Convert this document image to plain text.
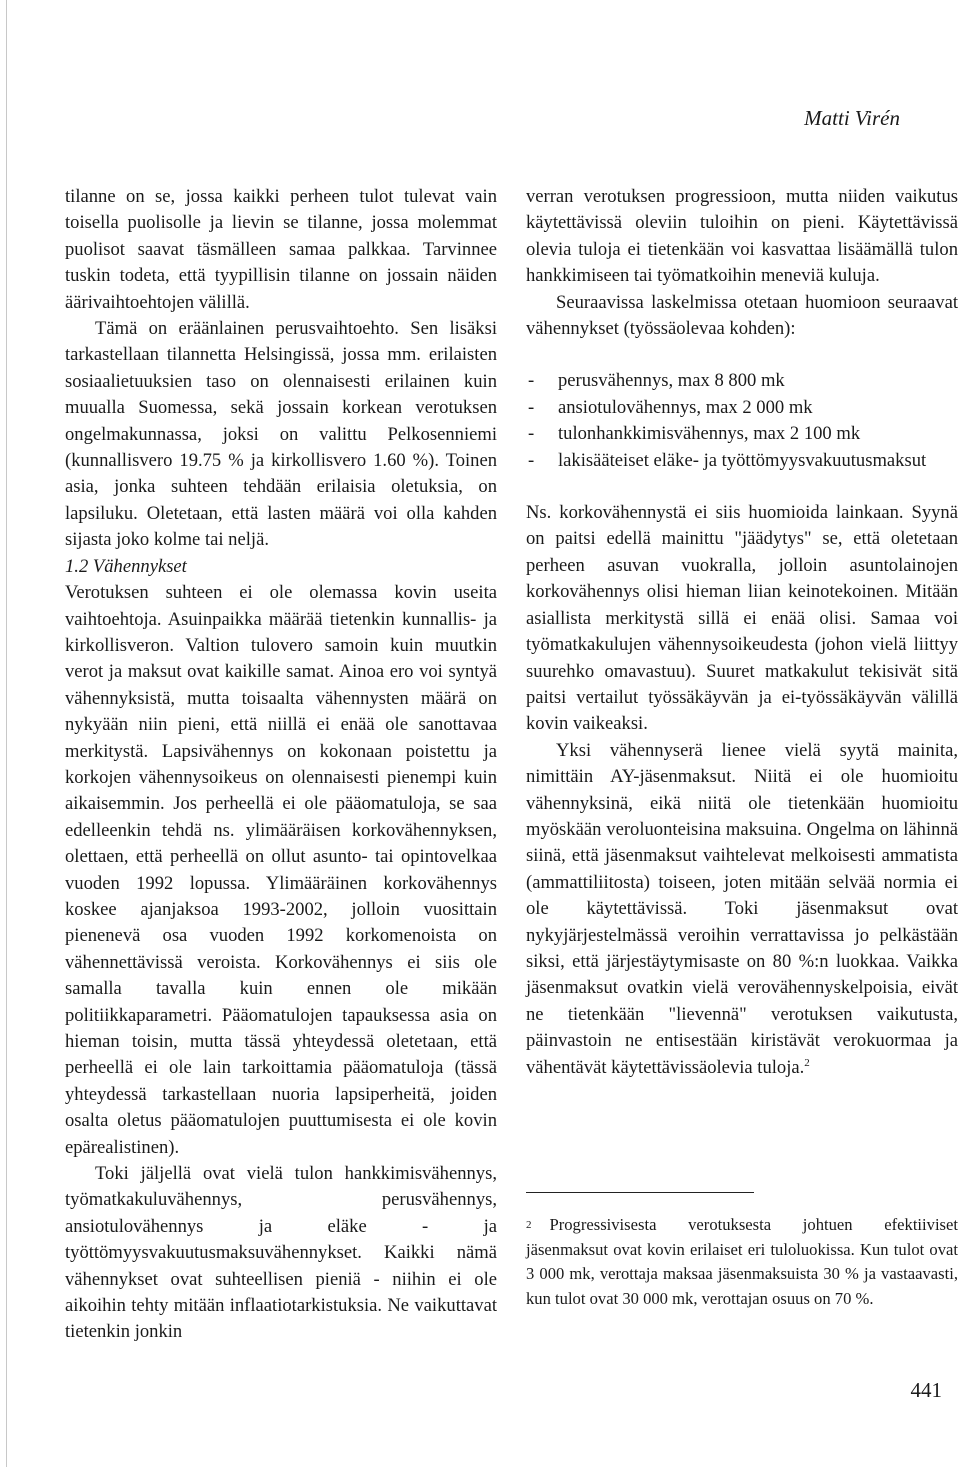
Matti Virén

tilanne on se, jossa kaikki perheen tulot tulevat vain toisella puolisolle ja lievin se tilanne, jossa molemmat puolisot saavat täsmälleen samaa palkkaa. Tarvinnee tuskin todeta, että tyypillisin tilanne on jossain näiden äärivaihtoehtojen välillä.

Tämä on eräänlainen perusvaihtoehto. Sen lisäksi tarkastellaan tilannetta Helsingissä, jossa mm. erilaisten sosiaalietuuksien taso on olennaisesti erilainen kuin muualla Suomessa, sekä jossain korkean verotuksen ongelmakunnassa, joksi on valittu Pelkosenniemi (kunnallisvero 19.75 % ja kirkollisvero 1.60 %). Toinen asia, jonka suhteen tehdään erilaisia oletuksia, on lapsiluku. Oletetaan, että lasten määrä voi olla kahden sijasta joko kolme tai neljä.

1.2 Vähennykset

Verotuksen suhteen ei ole olemassa kovin useita vaihtoehtoja. Asuinpaikka määrää tietenkin kunnallis- ja kirkollisveron. Valtion tulovero samoin kuin muutkin verot ja maksut ovat kaikille samat. Ainoa ero voi syntyä vähennyksistä, mutta toisaalta vähennysten määrä on nykyään niin pieni, että niillä ei enää ole sanottavaa merkitystä. Lapsivähennys on kokonaan poistettu ja korkojen vähennysoikeus on olennaisesti pienempi kuin aikaisemmin. Jos perheellä ei ole pääomatuloja, se saa edelleenkin tehdä ns. ylimääräisen korkovähennyksen, olettaen, että perheellä on ollut asunto- tai opintovelkaa vuoden 1992 lopussa. Ylimääräinen korkovähennys koskee ajanjaksoa 1993-2002, jolloin vuosittain pienenevä osa vuoden 1992 korkomenoista on vähennettävissä veroista. Korkovähennys ei siis ole samalla tavalla kuin ennen ole mikään politiikkaparametri. Pääomatulojen tapauksessa asia on hieman toisin, mutta tässä yhteydessä oletetaan, että perheellä ei ole lain tarkoittamia pääomatuloja (tässä yhteydessä tarkastellaan nuoria lapsiperheitä, joiden osalta oletus pääomatulojen puuttumisesta ei ole kovin epärealistinen).

Toki jäljellä ovat vielä tulon hankkimisvähennys, työmatkakuluvähennys, perusvähennys, ansiotulovähennys ja eläke - ja työttömyysvakuutusmaksuvähennykset. Kaikki nämä vähennykset ovat suhteellisen pieniä - niihin ei ole aikoihin tehty mitään inflaatiotarkistuksia. Ne vaikuttavat tietenkin jonkin

verran verotuksen progressioon, mutta niiden vaikutus käytettävissä oleviin tuloihin on pieni. Käytettävissä olevia tuloja ei tietenkään voi kasvattaa lisäämällä tulon hankkimiseen tai työmatkoihin meneviä kuluja.

Seuraavissa laskelmissa otetaan huomioon seuraavat vähennykset (työssäolevaa kohden):

- perusvähennys, max 8 800 mk
- ansiotulovähennys, max 2 000 mk
- tulonhankkimisvähennys, max 2 100 mk
- lakisääteiset eläke- ja työttömyysvakuutusmaksut

Ns. korkovähennystä ei siis huomioida lainkaan. Syynä on paitsi edellä mainittu "jäädytys" se, että oletetaan perheen asuvan vuokralla, jolloin asuntolainojen korkovähennys olisi hieman liian keinotekoinen. Mitään asiallista merkitystä sillä ei enää olisi. Samaa voi työmatkakulujen vähennysoikeudesta (johon vielä liittyy suurehko omavastuu). Suuret matkakulut tekisivät sitä paitsi vertailut työssäkäyvän ja ei-työssäkäyvän välillä kovin vaikeaksi.

Yksi vähennyserä lienee vielä syytä mainita, nimittäin AY-jäsenmaksut. Niitä ei ole huomioitu vähennyksinä, eikä niitä ole tietenkään huomioitu myöskään veroluonteisina maksuina. Ongelma on lähinnä siinä, että jäsenmaksut vaihtelevat melkoisesti ammatista (ammattiliitosta) toiseen, joten mitään selvää normia ei ole käytettävissä. Toki jäsenmaksut ovat nykyjärjestelmässä veroihin verrattavissa jo pelkästään siksi, että järjestäytymisaste on 80 %:n luokkaa. Vaikka jäsenmaksut ovatkin vielä verovähennyskelpoisia, eivät ne tietenkään "lievennä" verotuksen vaikutusta, päinvastoin ne entisestään kiristävät verokuormaa ja vähentävät käytettävissäolevia tuloja.$^2$

$^2$ Progressivisesta verotuksesta johtuen efektiiviset jäsenmaksut ovat kovin erilaiset eri tuloluokissa. Kun tulot ovat 3 000 mk, verottaja maksaa jäsenmaksuista 30 % ja vastaavasti, kun tulot ovat 30 000 mk, verottajan osuus on 70 %.
441
